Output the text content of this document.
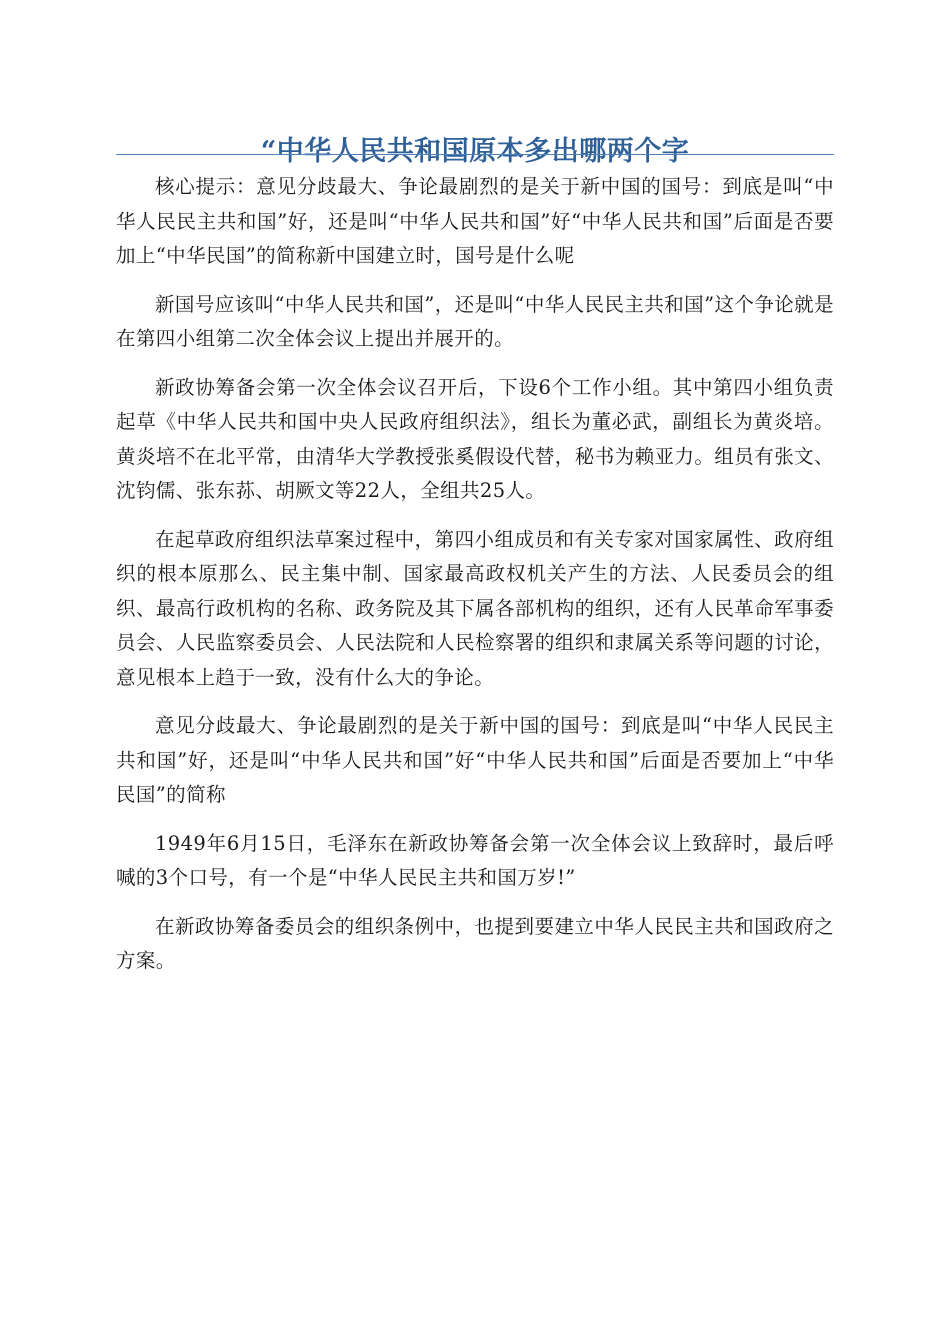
“中华人民共和国原本多出哪两个字

核心提示：意见分歧最大、争论最剧烈的是关于新中国的国号：到底是叫“中华人民民主共和国”好，还是叫“中华人民共和国”好“中华人民共和国”后面是否要加上“中华民国”的简称新中国建立时，国号是什么呢

新国号应该叫“中华人民共和国”，还是叫“中华人民民主共和国”这个争论就是在第四小组第二次全体会议上提出并展开的。

新政协筹备会第一次全体会议召开后，下设6个工作小组。其中第四小组负责起草《中华人民共和国中央人民政府组织法》，组长为董必武，副组长为黄炎培。黄炎培不在北平常，由清华大学教授张奚假设代替，秘书为赖亚力。组员有张文、沈钧儒、张东荪、胡厥文等22人，全组共25人。

在起草政府组织法草案过程中，第四小组成员和有关专家对国家属性、政府组织的根本原那么、民主集中制、国家最高政权机关产生的方法、人民委员会的组织、最高行政机构的名称、政务院及其下属各部机构的组织，还有人民革命军事委员会、人民监察委员会、人民法院和人民检察署的组织和隶属关系等问题的讨论，意见根本上趋于一致，没有什么大的争论。

意见分歧最大、争论最剧烈的是关于新中国的国号：到底是叫“中华人民民主共和国”好，还是叫“中华人民共和国”好“中华人民共和国”后面是否要加上“中华民国”的简称

1949年6月15日，毛泽东在新政协筹备会第一次全体会议上致辞时，最后呼喊的3个口号，有一个是“中华人民民主共和国万岁!”

在新政协筹备委员会的组织条例中，也提到要建立中华人民民主共和国政府之方案。
